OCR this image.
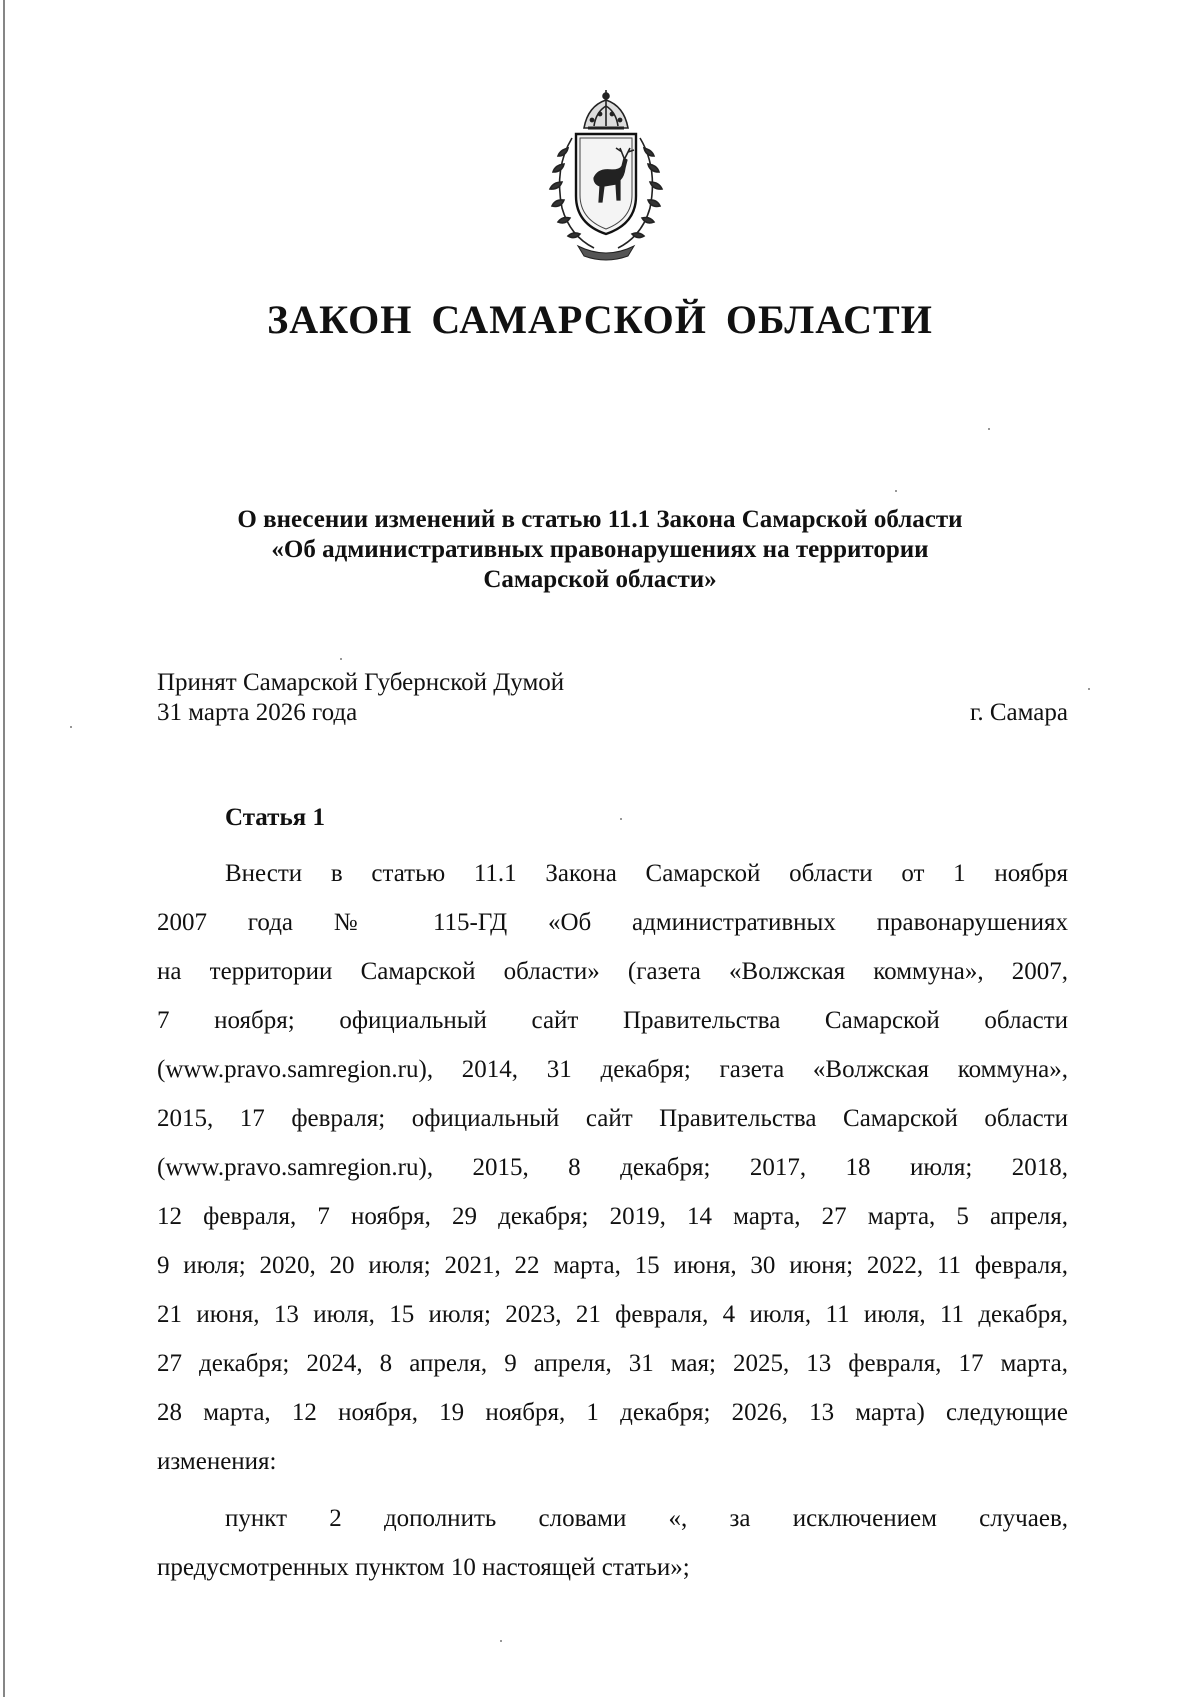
ЗАКОН САМАРСКОЙ ОБЛАСТИ
О внесении изменений в статью 11.1 Закона Самарской области
«Об административных правонарушениях на территории
Самарской области»
Принят Самарской Губернской Думой
31 марта 2026 года	г. Самара
Статья 1
Внести в статью 11.1 Закона Самарской области от 1 ноября
2007 года № 115-ГД «Об административных правонарушениях
на территории Самарской области» (газета «Волжская коммуна», 2007,
7 ноября; официальный сайт Правительства Самарской области
(www.pravo.samregion.ru), 2014, 31 декабря; газета «Волжская коммуна»,
2015, 17 февраля; официальный сайт Правительства Самарской области
(www.pravo.samregion.ru), 2015, 8 декабря; 2017, 18 июля; 2018,
12 февраля, 7 ноября, 29 декабря; 2019, 14 марта, 27 марта, 5 апреля,
9 июля; 2020, 20 июля; 2021, 22 марта, 15 июня, 30 июня; 2022, 11 февраля,
21 июня, 13 июля, 15 июля; 2023, 21 февраля, 4 июля, 11 июля, 11 декабря,
27 декабря; 2024, 8 апреля, 9 апреля, 31 мая; 2025, 13 февраля, 17 марта,
28 марта, 12 ноября, 19 ноября, 1 декабря; 2026, 13 марта) следующие
изменения:
пункт 2 дополнить словами «, за исключением случаев,
предусмотренных пунктом 10 настоящей статьи»;
